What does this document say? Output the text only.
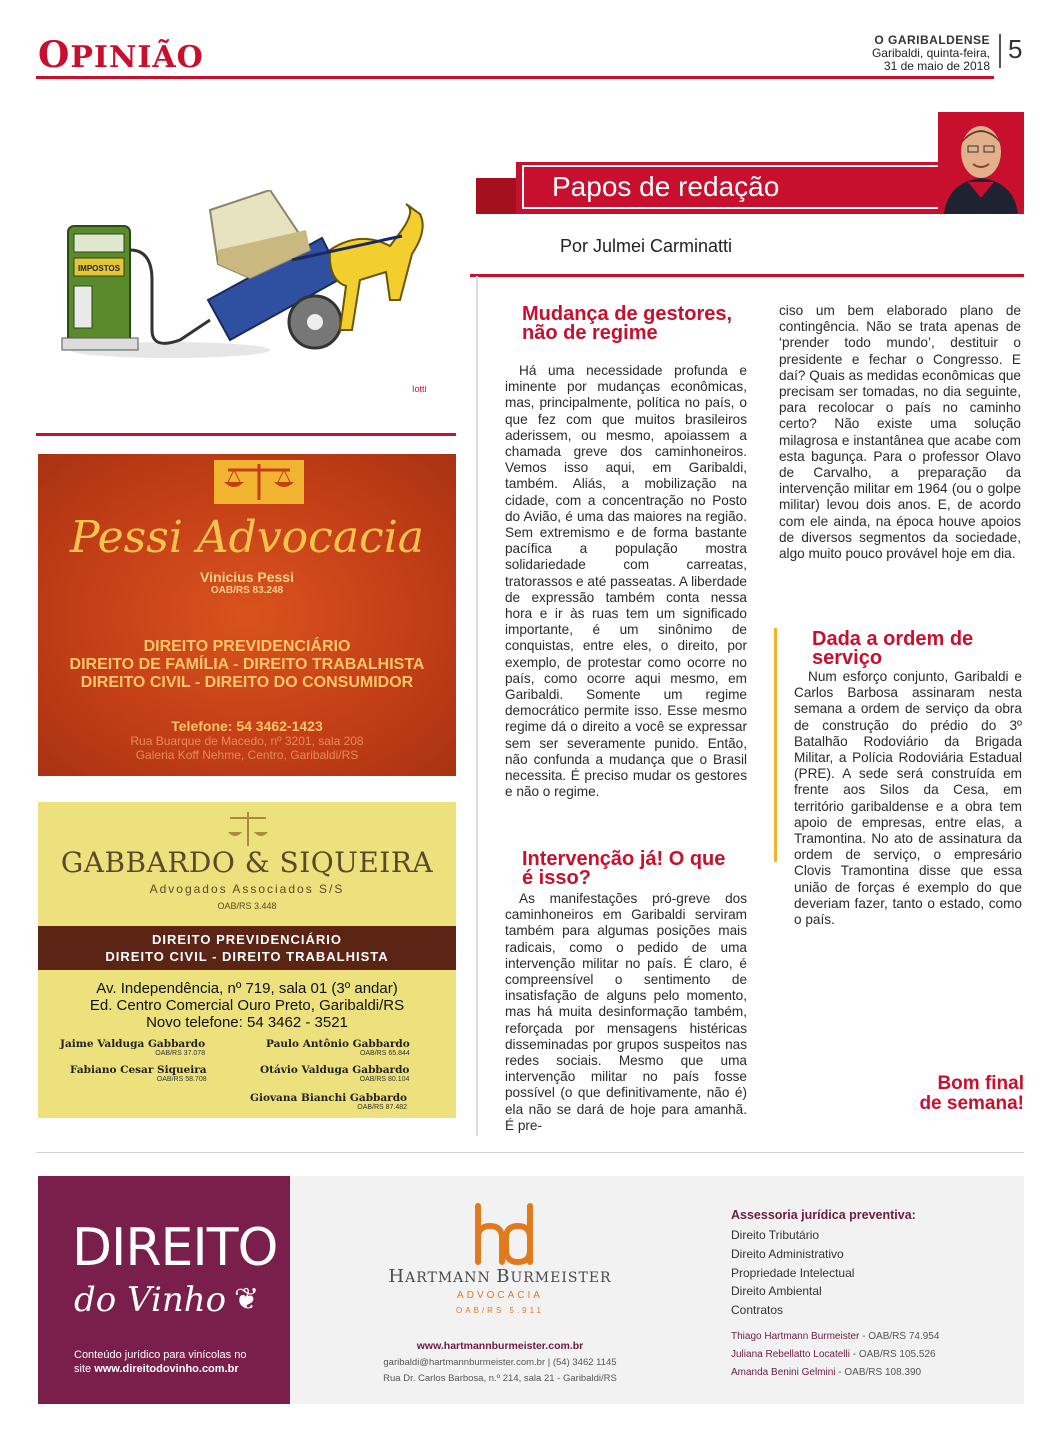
OPINIÃO	O GARIBALDENSE
Garibaldi, quinta-feira,
31 de maio de 2018
5
IMPOSTOS
Iotti
Pessi Advocacia
Vinicius Pessi
OAB/RS 83.248
DIREITO PREVIDENCIÁRIO
DIREITO DE FAMÍLIA - DIREITO TRABALHISTA
DIREITO CIVIL - DIREITO DO CONSUMIDOR
Telefone: 54 3462-1423
Rua Buarque de Macedo, nº 3201, sala 208
Galeria Koff Nehme, Centro, Garibaldi/RS
GABBARDO & SIQUEIRA
Advogados Associados S/S
OAB/RS 3.448
DIREITO PREVIDENCIÁRIO
DIREITO CIVIL - DIREITO TRABALHISTA
Av. Independência, nº 719, sala 01 (3º andar)
Ed. Centro Comercial Ouro Preto, Garibaldi/RS
Novo telefone: 54 3462 - 3521
Jaime Valduga Gabbardo
OAB/RS 37.078
Paulo Antônio Gabbardo
OAB/RS 65.844
Fabiano Cesar Siqueira
OAB/RS 58.708
Otávio Valduga Gabbardo
OAB/RS 80.104
Giovana Bianchi Gabbardo
OAB/RS 87.482
Papos de redação
Por Julmei Carminatti
Mudança de gestores, não de regime
Há uma necessidade profunda e iminente por mudanças econômicas, mas, principalmente, política no país, o que fez com que muitos brasileiros aderissem, ou mesmo, apoiassem a chamada greve dos caminhoneiros. Vemos isso aqui, em Garibaldi, também. Aliás, a mobilização na cidade, com a concentração no Posto do Avião, é uma das maiores na região. Sem extremismo e de forma bastante pacífica a população mostra solidariedade com carreatas, tratorassos e até passeatas. A liberdade de expressão também conta nessa hora e ir às ruas tem um significado importante, é um sinônimo de conquistas, entre eles, o direito, por exemplo, de protestar como ocorre no país, como ocorre aqui mesmo, em Garibaldi. Somente um regime democrático permite isso. Esse mesmo regime dá o direito a você se expressar sem ser severamente punido. Então, não confunda a mudança que o Brasil necessita. É preciso mudar os gestores e não o regime.
Intervenção já! O que é isso?
As manifestações pró-greve dos caminhoneiros em Garibaldi serviram também para algumas posições mais radicais, como o pedido de uma intervenção militar no país. É claro, é compreensível o sentimento de insatisfação de alguns pelo momento, mas há muita desinformação também, reforçada por mensagens histéricas disseminadas por grupos suspeitos nas redes sociais. Mesmo que uma intervenção militar no país fosse possível (o que definitivamente, não é) ela não se dará de hoje para amanhã. É pre-
ciso um bem elaborado plano de contingência. Não se trata apenas de ‘prender todo mundo’, destituir o presidente e fechar o Congresso. E daí? Quais as medidas econômicas que precisam ser tomadas, no dia seguinte, para recolocar o país no caminho certo? Não existe uma solução milagrosa e instantânea que acabe com esta bagunça. Para o professor Olavo de Carvalho, a preparação da intervenção militar em 1964 (ou o golpe militar) levou dois anos. E, de acordo com ele ainda, na época houve apoios de diversos segmentos da sociedade, algo muito pouco provável hoje em dia.
Dada a ordem de serviço
Num esforço conjunto, Garibaldi e Carlos Barbosa assinaram nesta semana a ordem de serviço da obra de construção do prédio do 3º Batalhão Rodoviário da Brigada Militar, a Polícia Rodoviária Estadual (PRE). A sede será construída em frente aos Silos da Cesa, em território garibaldense e a obra tem apoio de empresas, entre elas, a Tramontina. No ato de assinatura da ordem de serviço, o empresário Clovis Tramontina disse que essa união de forças é exemplo do que deveriam fazer, tanto o estado, como o país.
Bom final
de semana!
DIREITO
do Vinho ❦
Conteúdo jurídico para vinícolas no
site www.direitodovinho.com.br
HARTMANN BURMEISTER
ADVOCACIA
OAB/RS 5.911
www.hartmannburmeister.com.br
garibaldi@hartmannburmeister.com.br | (54) 3462 1145
Rua Dr. Carlos Barbosa, n.º 214, sala 21 - Garibaldi/RS
Assessoria jurídica preventiva:
Direito Tributário
Direito Administrativo
Propriedade Intelectual
Direito Ambiental
Contratos
Thiago Hartmann Burmeister - OAB/RS 74.954
Juliana Rebellatto Locatelli - OAB/RS 105.526
Amanda Benini Gelmini - OAB/RS 108.390
